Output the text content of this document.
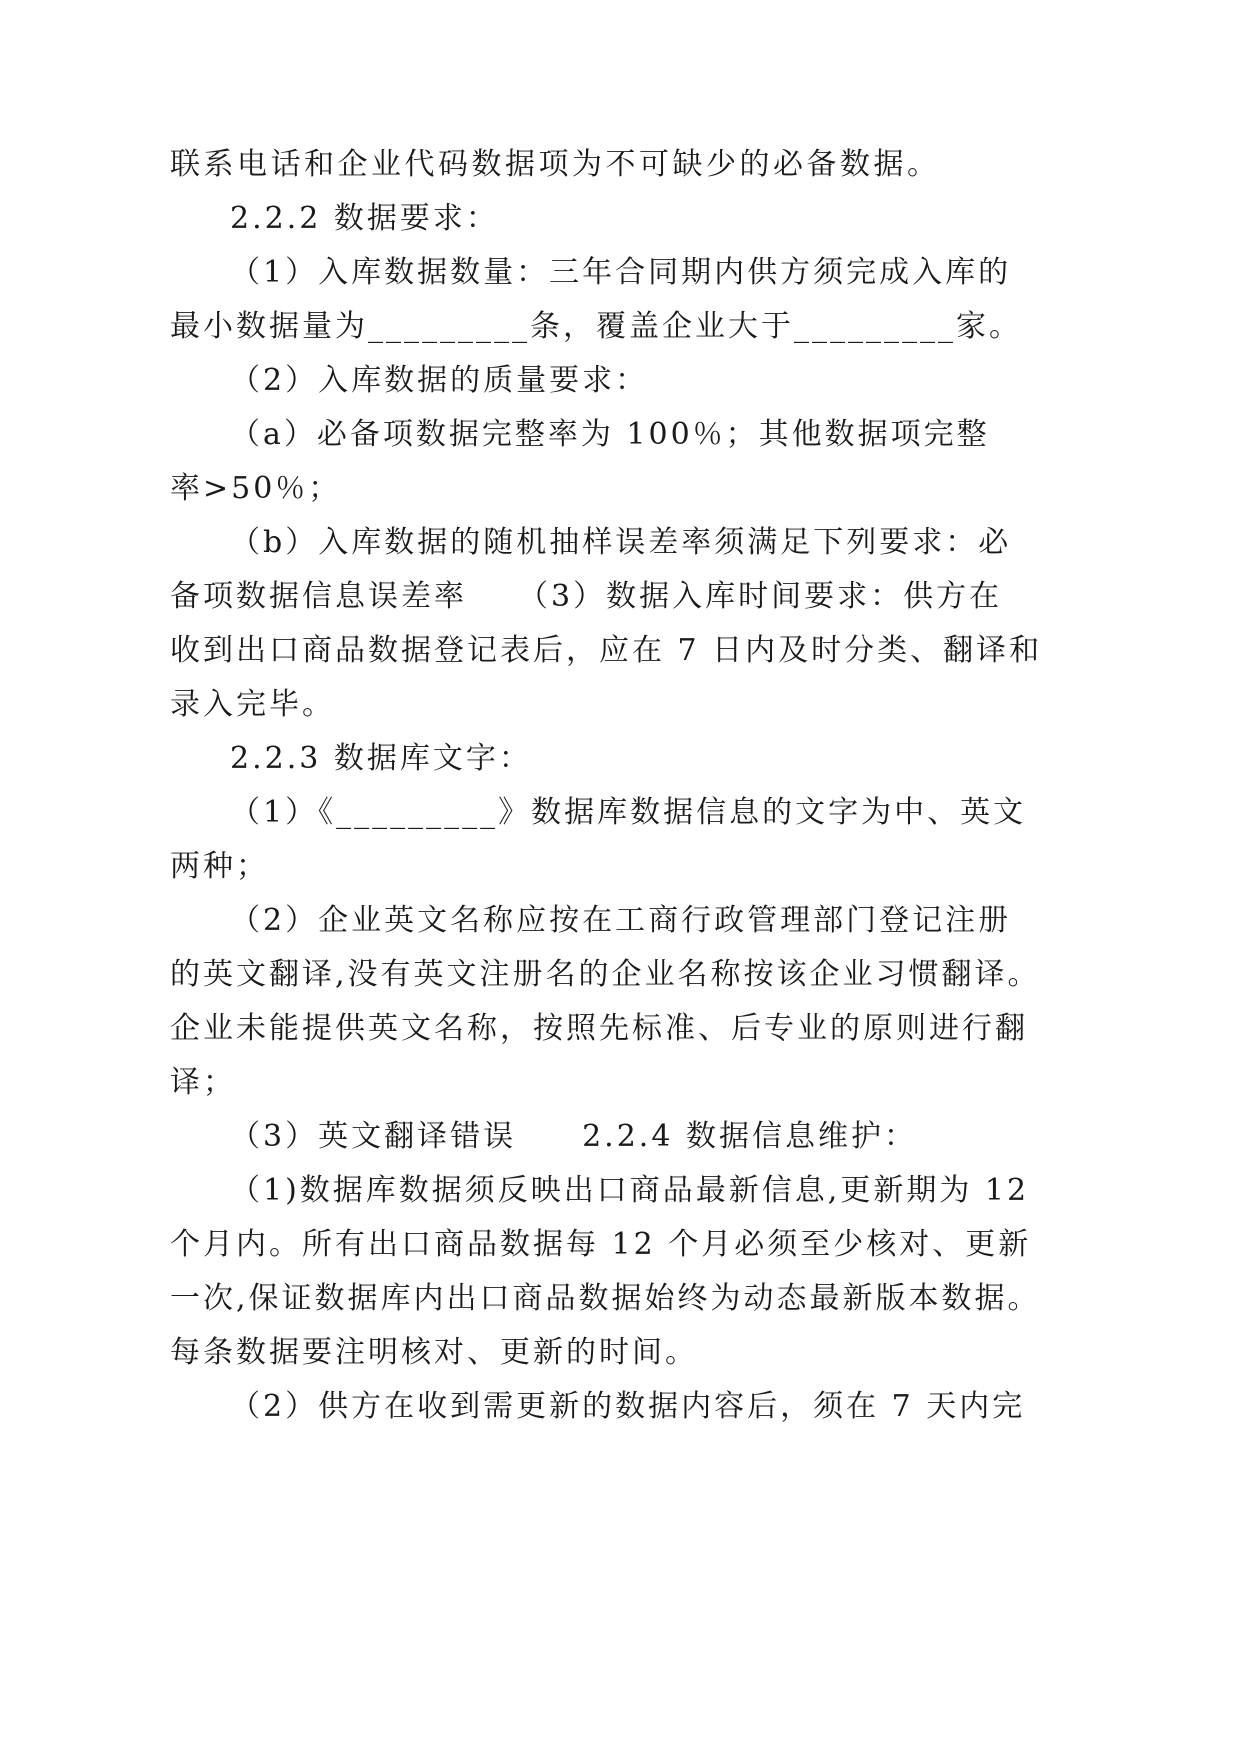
联系电话和企业代码数据项为不可缺少的必备数据。
2.2.2 数据要求：
（1）入库数据数量：三年合同期内供方须完成入库的
最小数据量为_________条，覆盖企业大于_________家。
（2）入库数据的质量要求：
（a）必备项数据完整率为 100％；其他数据项完整
率>50％；
（b）入库数据的随机抽样误差率须满足下列要求：必
备项数据信息误差率　　（3）数据入库时间要求：供方在
收到出口商品数据登记表后，应在 7 日内及时分类、翻译和
录入完毕。
2.2.3 数据库文字：
（1）《_________》数据库数据信息的文字为中、英文
两种；
（2）企业英文名称应按在工商行政管理部门登记注册
的英文翻译,没有英文注册名的企业名称按该企业习惯翻译。
企业未能提供英文名称，按照先标准、后专业的原则进行翻
译；
（3）英文翻译错误　　2.2.4 数据信息维护：
（1)数据库数据须反映出口商品最新信息,更新期为 12
个月内。所有出口商品数据每 12 个月必须至少核对、更新
一次,保证数据库内出口商品数据始终为动态最新版本数据。
每条数据要注明核对、更新的时间。
（2）供方在收到需更新的数据内容后，须在 7 天内完
